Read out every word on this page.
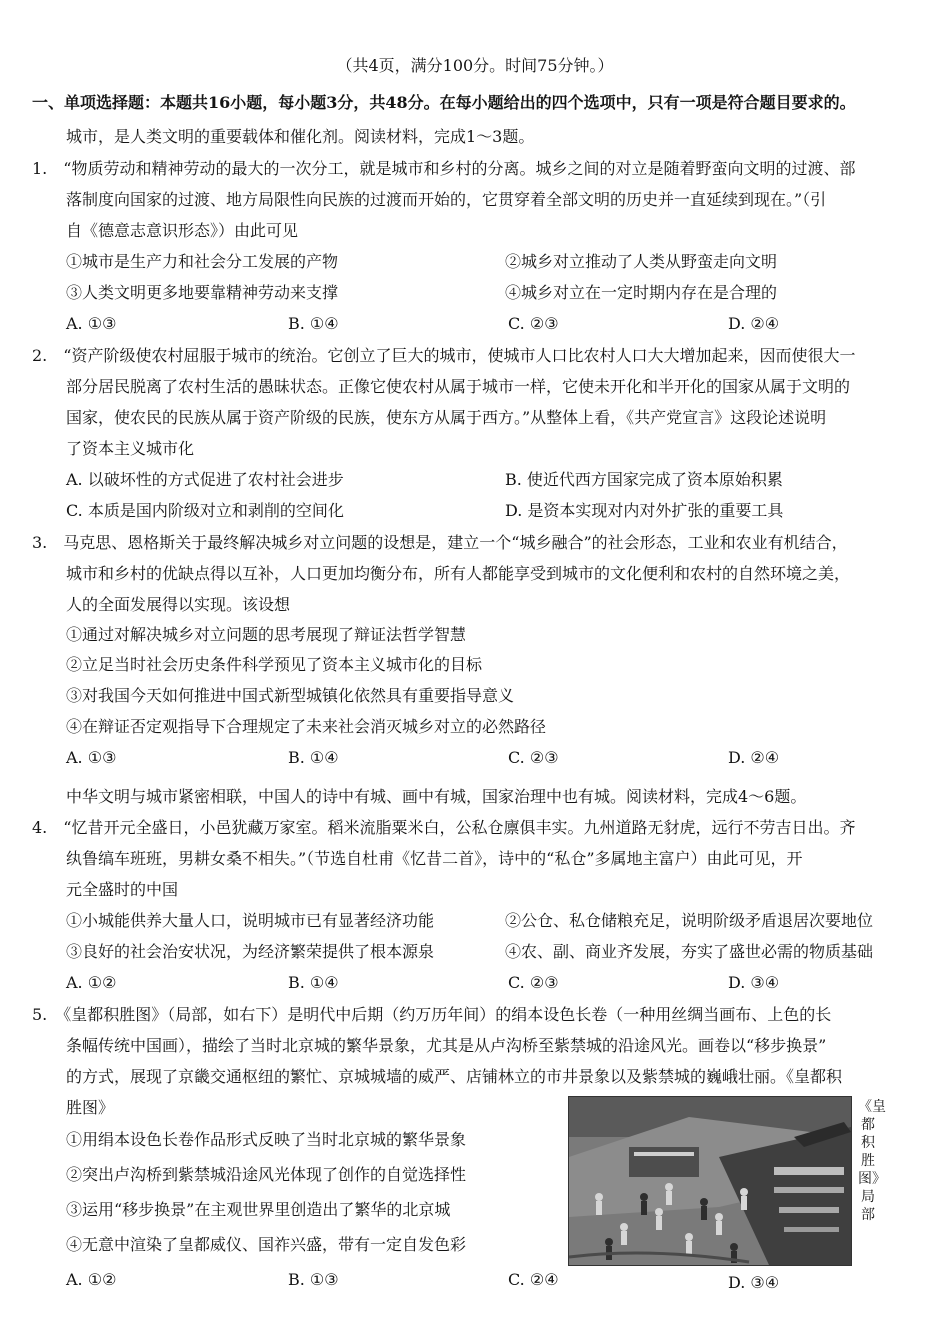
（共4页，满分100分。时间75分钟。）
一、单项选择题：本题共16小题，每小题3分，共48分。在每小题给出的四个选项中，只有一项是符合题目要求的。
城市，是人类文明的重要载体和催化剂。阅读材料，完成1～3题。
1.　“物质劳动和精神劳动的最大的一次分工，就是城市和乡村的分离。城乡之间的对立是随着野蛮向文明的过渡、部
落制度向国家的过渡、地方局限性向民族的过渡而开始的，它贯穿着全部文明的历史并一直延续到现在。”（引
自《德意志意识形态》）由此可见
①城市是生产力和社会分工发展的产物	②城乡对立推动了人类从野蛮走向文明
③人类文明更多地要靠精神劳动来支撑	④城乡对立在一定时期内存在是合理的
A. ①③	B. ①④	C. ②③	D. ②④
2.　“资产阶级使农村屈服于城市的统治。它创立了巨大的城市，使城市人口比农村人口大大增加起来，因而使很大一
部分居民脱离了农村生活的愚昧状态。正像它使农村从属于城市一样，它使未开化和半开化的国家从属于文明的
国家，使农民的民族从属于资产阶级的民族，使东方从属于西方。”从整体上看，《共产党宣言》这段论述说明
了资本主义城市化
A. 以破坏性的方式促进了农村社会进步	B. 使近代西方国家完成了资本原始积累
C. 本质是国内阶级对立和剥削的空间化	D. 是资本实现对内对外扩张的重要工具
3.　马克思、恩格斯关于最终解决城乡对立问题的设想是，建立一个“城乡融合”的社会形态，工业和农业有机结合，
城市和乡村的优缺点得以互补，人口更加均衡分布，所有人都能享受到城市的文化便利和农村的自然环境之美，
人的全面发展得以实现。该设想
①通过对解决城乡对立问题的思考展现了辩证法哲学智慧
②立足当时社会历史条件科学预见了资本主义城市化的目标
③对我国今天如何推进中国式新型城镇化依然具有重要指导意义
④在辩证否定观指导下合理规定了未来社会消灭城乡对立的必然路径
A. ①③	B. ①④	C. ②③	D. ②④
中华文明与城市紧密相联，中国人的诗中有城、画中有城，国家治理中也有城。阅读材料，完成4～6题。
4.　“忆昔开元全盛日，小邑犹藏万家室。稻米流脂粟米白，公私仓廪俱丰实。九州道路无豺虎，远行不劳吉日出。齐
纨鲁缟车班班，男耕女桑不相失。”（节选自杜甫《忆昔二首》，诗中的“私仓”多属地主富户）由此可见，开
元全盛时的中国
①小城能供养大量人口，说明城市已有显著经济功能	②公仓、私仓储粮充足，说明阶级矛盾退居次要地位
③良好的社会治安状况，为经济繁荣提供了根本源泉	④农、副、商业齐发展，夯实了盛世必需的物质基础
A. ①②	B. ①④	C. ②③	D. ③④
5.　《皇都积胜图》（局部，如右下）是明代中后期（约万历年间）的绢本设色长卷（一种用丝绸当画布、上色的长
条幅传统中国画），描绘了当时北京城的繁华景象，尤其是从卢沟桥至紫禁城的沿途风光。画卷以“移步换景”
的方式，展现了京畿交通枢纽的繁忙、京城城墙的威严、店铺林立的市井景象以及紫禁城的巍峨壮丽。《皇都积
胜图》
①用绢本设色长卷作品形式反映了当时北京城的繁华景象
②突出卢沟桥到紫禁城沿途风光体现了创作的自觉选择性
③运用“移步换景”在主观世界里创造出了繁华的北京城
④无意中渲染了皇都威仪、国祚兴盛，带有一定自发色彩
A. ①②	B. ①③	C. ②④	D. ③④
《皇都积胜图》局部
